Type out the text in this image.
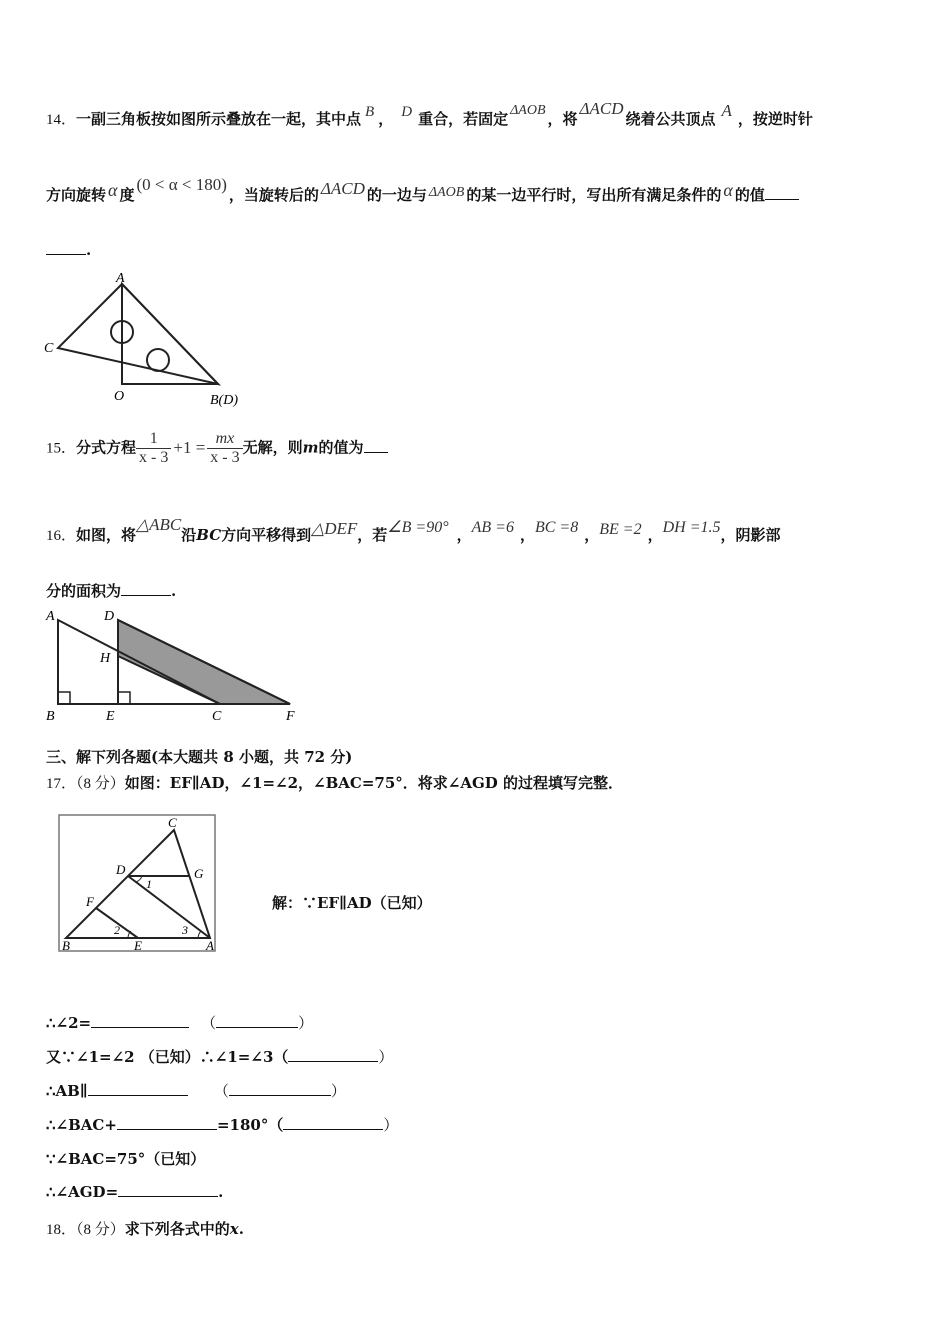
14．一副三角板按如图所示叠放在一起，其中点 B ， D 重合，若固定 ΔAOB ，将ΔACD绕着公共顶点 A ，按逆时针
方向旋转 α 度(0 < α < 180)，当旋转后的 ΔACD 的一边与 ΔAOB 的某一边平行时，写出所有满足条件的 α 的值
.
A
C
O	B(D)
15．分式方程 $\frac{1}{x - 3} +1 = \frac{mx}{x - 3}$ 无解，则m的值为
16．如图，将△ABC沿BC方向平移得到△DEF，若∠B =90° ，AB =6 ，BC =8 ，BE =2 ，DH =1.5，阴影部
分的面积为	.
A	D
H
B	E	C	F
三、解下列各题(本大题共 8 小题，共 72 分)
17．（8 分）如图：EF∥AD，∠1=∠2，∠BAC=75°．将求∠AGD 的过程填写完整．
C
D	G
1
F
2	3
B	E	A
解：∵EF∥AD（已知）
∴∠2=	（	）
又∵∠1=∠2 （已知）∴∠1=∠3（	）
∴AB∥	（	）
∴∠BAC+	=180°（	）
∵∠BAC=75°（已知）
∴∠AGD=	.
18．（8 分）求下列各式中的x.
